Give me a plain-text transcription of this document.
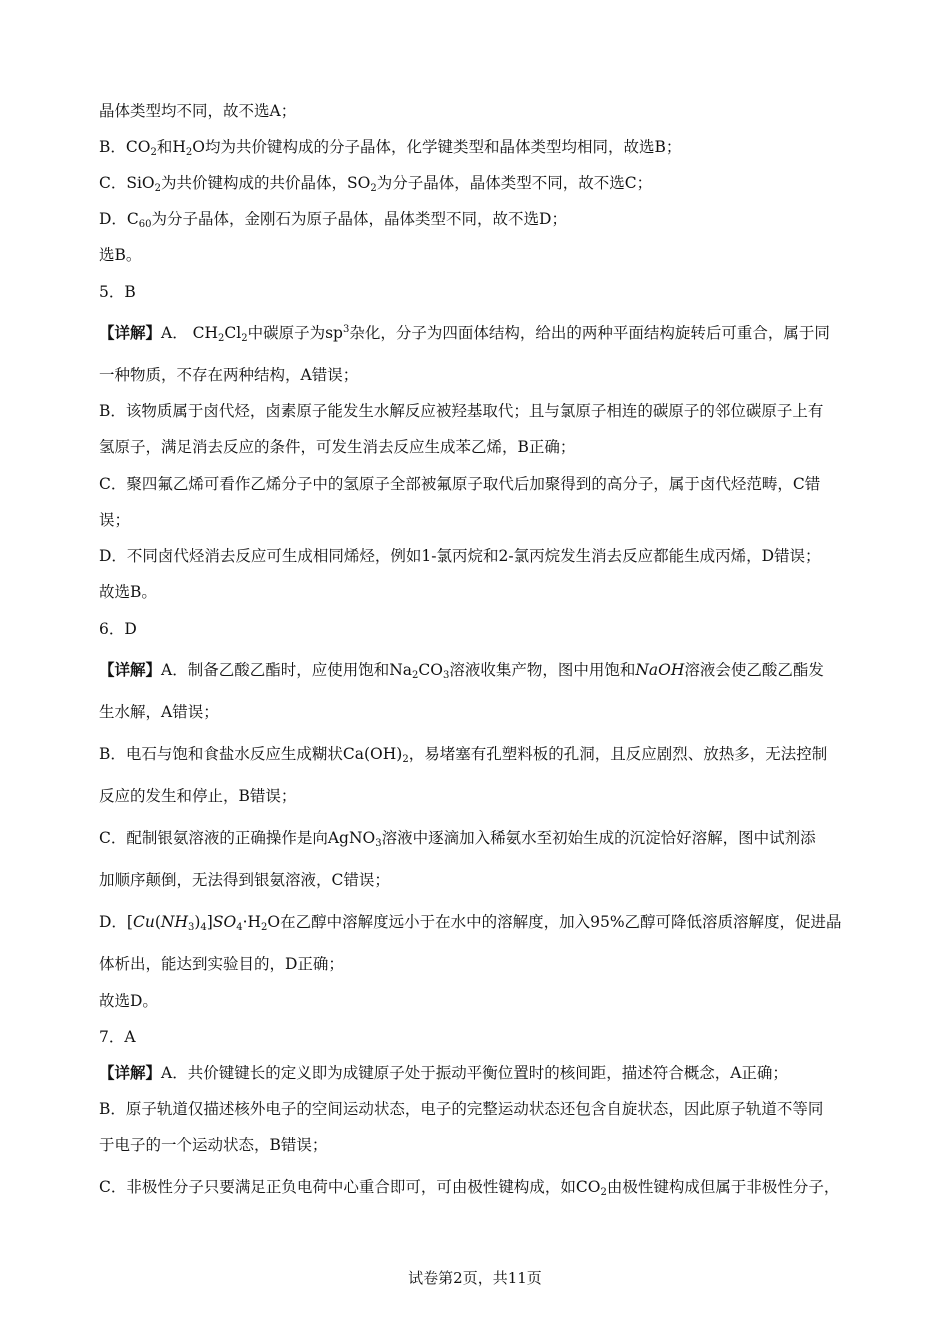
晶体类型均不同，故不选A；
B．$CO_2$和$H_2O$均为共价键构成的分子晶体，化学键类型和晶体类型均相同，故选B；
C．SiO$_2$为共价键构成的共价晶体，$SO_2$为分子晶体，晶体类型不同，故不选C；
D．$C_{60}$为分子晶体，金刚石为原子晶体，晶体类型不同，故不选D；
选B。
5．B
【详解】A． $CH_2Cl_2$中碳原子为$sp^3$杂化，分子为四面体结构，给出的两种平面结构旋转后可重合，属于同
一种物质，不存在两种结构，A错误；
B．该物质属于卤代烃，卤素原子能发生水解反应被羟基取代；且与氯原子相连的碳原子的邻位碳原子上有
氢原子，满足消去反应的条件，可发生消去反应生成苯乙烯，B正确；
C．聚四氟乙烯可看作乙烯分子中的氢原子全部被氟原子取代后加聚得到的高分子，属于卤代烃范畴，C错
误；
D．不同卤代烃消去反应可生成相同烯烃，例如1-氯丙烷和2-氯丙烷发生消去反应都能生成丙烯，D错误；
故选B。
6．D
【详解】A．制备乙酸乙酯时，应使用饱和$Na_2CO_3$溶液收集产物，图中用饱和NaOH溶液会使乙酸乙酯发
生水解，A错误；
B．电石与饱和食盐水反应生成糊状$Ca(OH)_2$，易堵塞有孔塑料板的孔洞，且反应剧烈、放热多，无法控制
反应的发生和停止，B错误；
C．配制银氨溶液的正确操作是向AgNO$_3$溶液中逐滴加入稀氨水至初始生成的沉淀恰好溶解，图中试剂添
加顺序颠倒，无法得到银氨溶液，C错误；
D．$[Cu(NH_3)_4]SO_4\cdot H_2O$在乙醇中溶解度远小于在水中的溶解度，加入95%乙醇可降低溶质溶解度，促进晶
体析出，能达到实验目的，D正确；
故选D。
7．A
【详解】A．共价键键长的定义即为成键原子处于振动平衡位置时的核间距，描述符合概念，A正确；
B．原子轨道仅描述核外电子的空间运动状态，电子的完整运动状态还包含自旋状态，因此原子轨道不等同
于电子的一个运动状态，B错误；
C．非极性分子只要满足正负电荷中心重合即可，可由极性键构成，如$CO_2$由极性键构成但属于非极性分子，
试卷第2页，共11页
